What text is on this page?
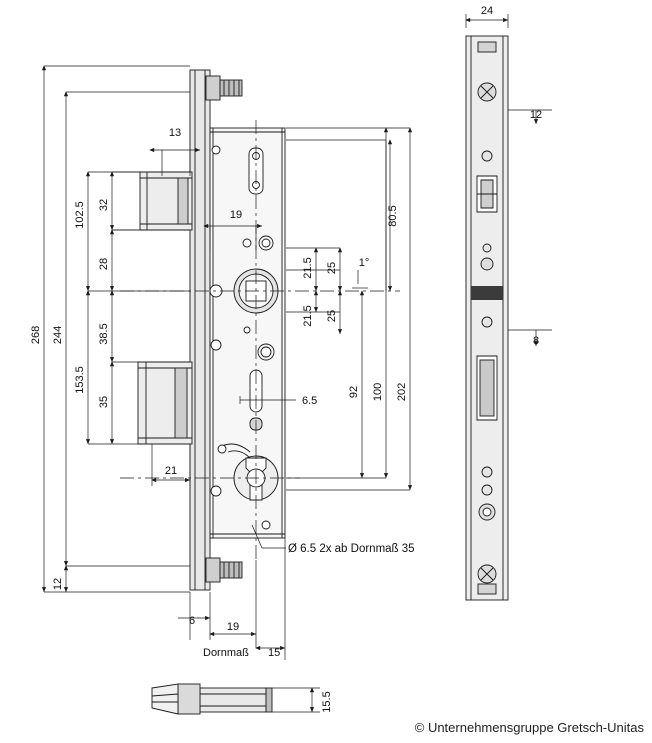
268 244
153.5
102.5 32
28
38.5
35
12
21
13
19
6.5
6	19
Dornmaß 15
80.5
21.5 25
21.5 25
1°
92 100 202
24
12
8
15.5
Ø 6.5 2x ab Dornmaß 35
© Unternehmensgruppe Gretsch-Unitas
